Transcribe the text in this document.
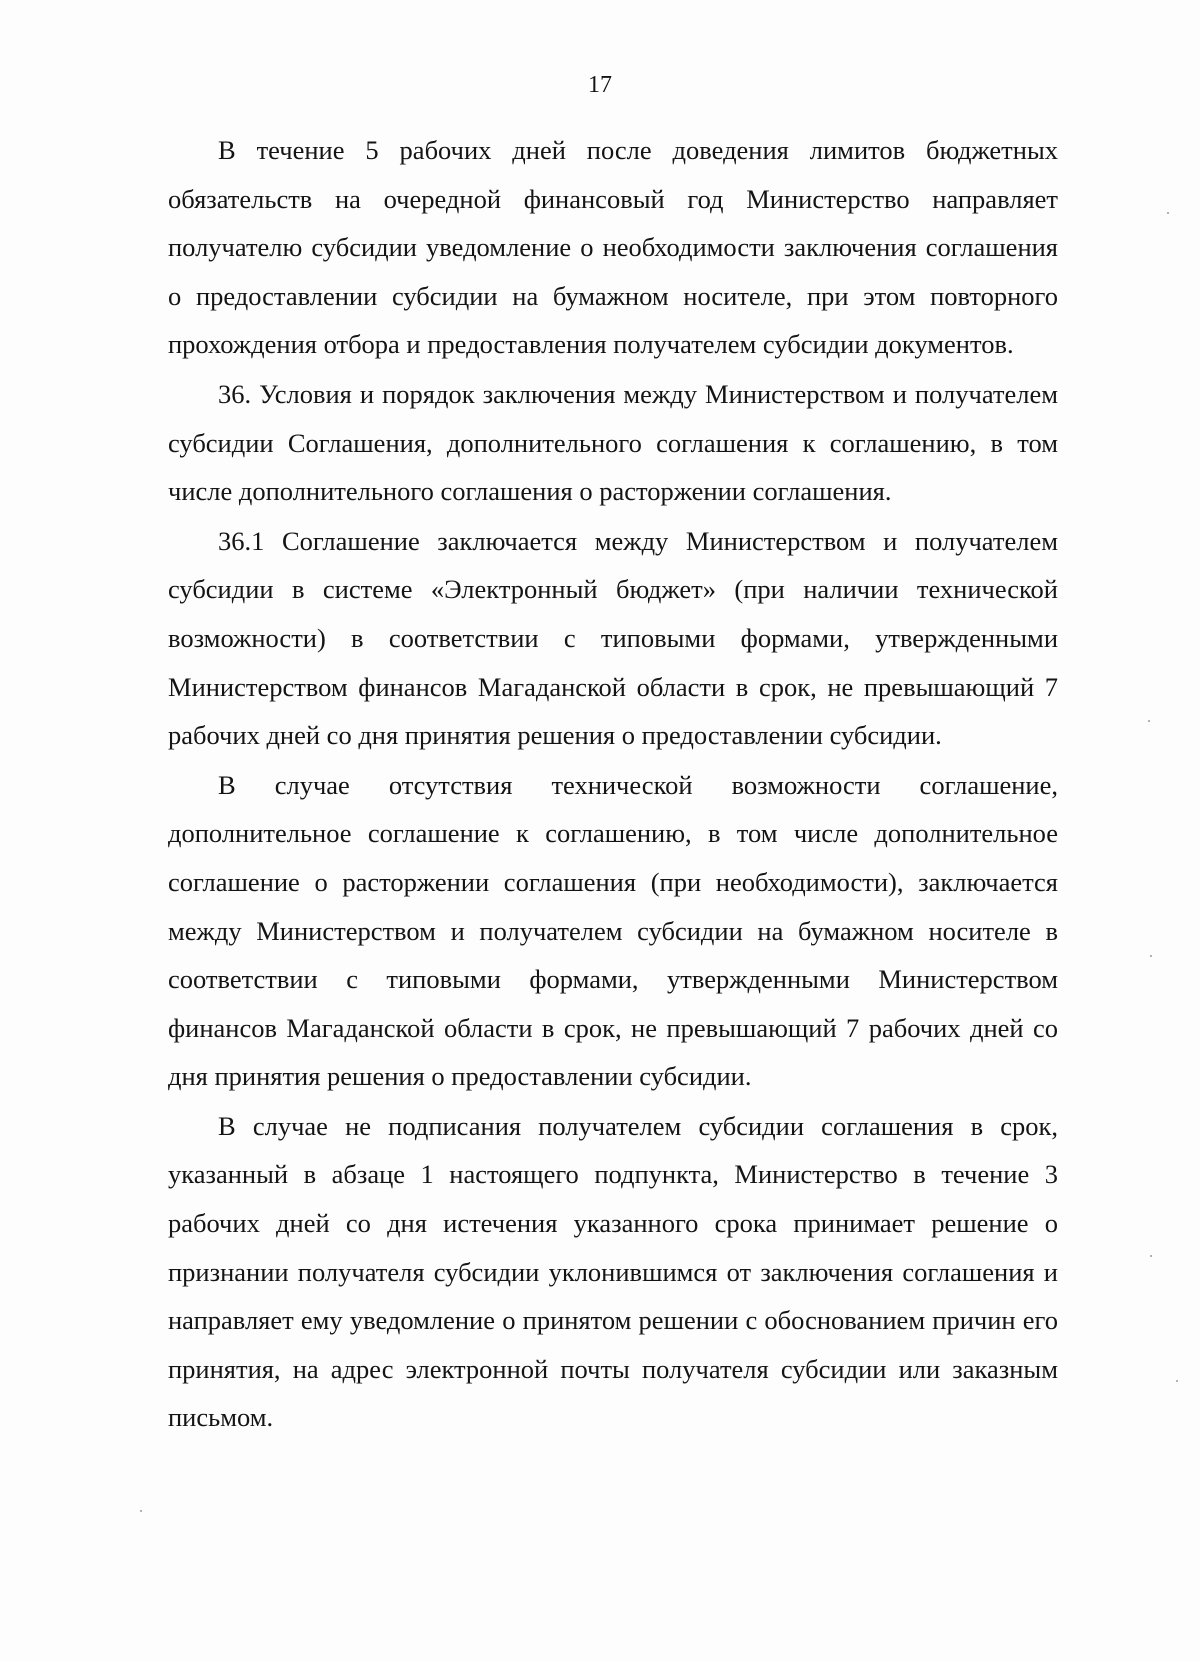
17

В течение 5 рабочих дней после доведения лимитов бюджетных обязательств на очередной финансовый год Министерство направляет получателю субсидии уведомление о необходимости заключения соглашения о предоставлении субсидии на бумажном носителе, при этом повторного прохождения отбора и предоставления получателем субсидии документов.

36. Условия и порядок заключения между Министерством и получателем субсидии Соглашения, дополнительного соглашения к соглашению, в том числе дополнительного соглашения о расторжении соглашения.

36.1 Соглашение заключается между Министерством и получателем субсидии в системе «Электронный бюджет» (при наличии технической возможности) в соответствии с типовыми формами, утвержденными Министерством финансов Магаданской области в срок, не превышающий 7 рабочих дней со дня принятия решения о предоставлении субсидии.

В случае отсутствия технической возможности соглашение, дополнительное соглашение к соглашению, в том числе дополнительное соглашение о расторжении соглашения (при необходимости), заключается между Министерством и получателем субсидии на бумажном носителе в соответствии с типовыми формами, утвержденными Министерством финансов Магаданской области в срок, не превышающий 7 рабочих дней со дня принятия решения о предоставлении субсидии.

В случае не подписания получателем субсидии соглашения в срок, указанный в абзаце 1 настоящего подпункта, Министерство в течение 3 рабочих дней со дня истечения указанного срока принимает решение о признании получателя субсидии уклонившимся от заключения соглашения и направляет ему уведомление о принятом решении с обоснованием причин его принятия, на адрес электронной почты получателя субсидии или заказным письмом.
